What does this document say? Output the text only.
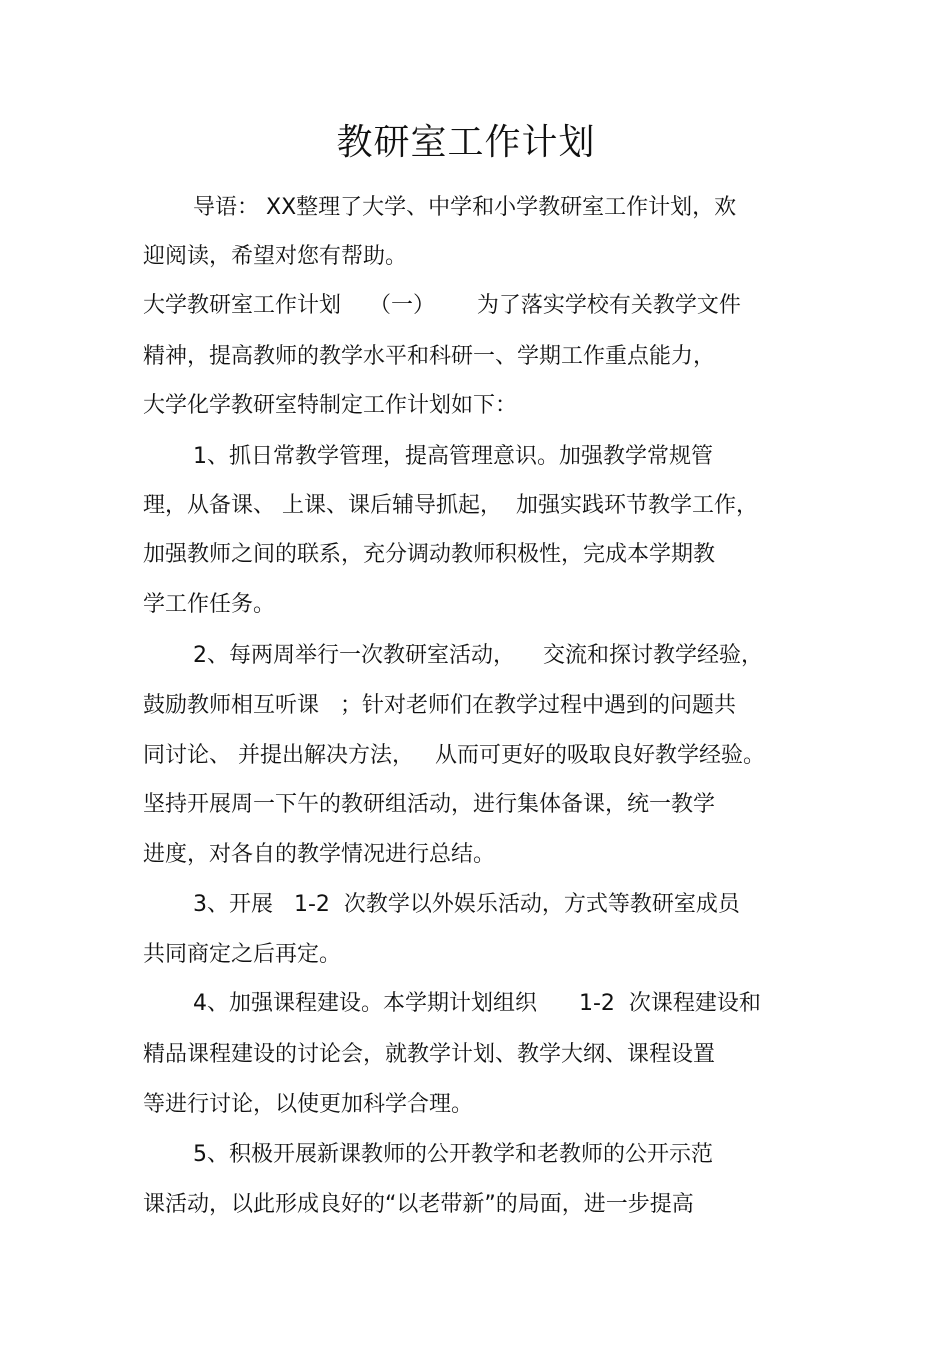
教研室工作计划

导语： XX整理了大学、中学和小学教研室工作计划，欢

迎阅读，希望对您有帮助。

大学教研室工作计划    （一）      为了落实学校有关教学文件

精神，提高教师的教学水平和科研一、学期工作重点能力，

大学化学教研室特制定工作计划如下：

1、抓日常教学管理，提高管理意识。加强教学常规管

理，从备课、 上课、课后辅导抓起，  加强实践环节教学工作，

加强教师之间的联系，充分调动教师积极性，完成本学期教

学工作任务。

2、每两周举行一次教研室活动，    交流和探讨教学经验，

鼓励教师相互听课   ；针对老师们在教学过程中遇到的问题共

同讨论、 并提出解决方法，   从而可更好的吸取良好教学经验。

坚持开展周一下午的教研组活动，进行集体备课，统一教学

进度，对各自的教学情况进行总结。

3、开展   1-2  次教学以外娱乐活动，方式等教研室成员

共同商定之后再定。

4、加强课程建设。本学期计划组织      1-2  次课程建设和

精品课程建设的讨论会，就教学计划、教学大纲、课程设置

等进行讨论，以使更加科学合理。

5、积极开展新课教师的公开教学和老教师的公开示范

课活动，以此形成良好的“以老带新”的局面，进一步提高
